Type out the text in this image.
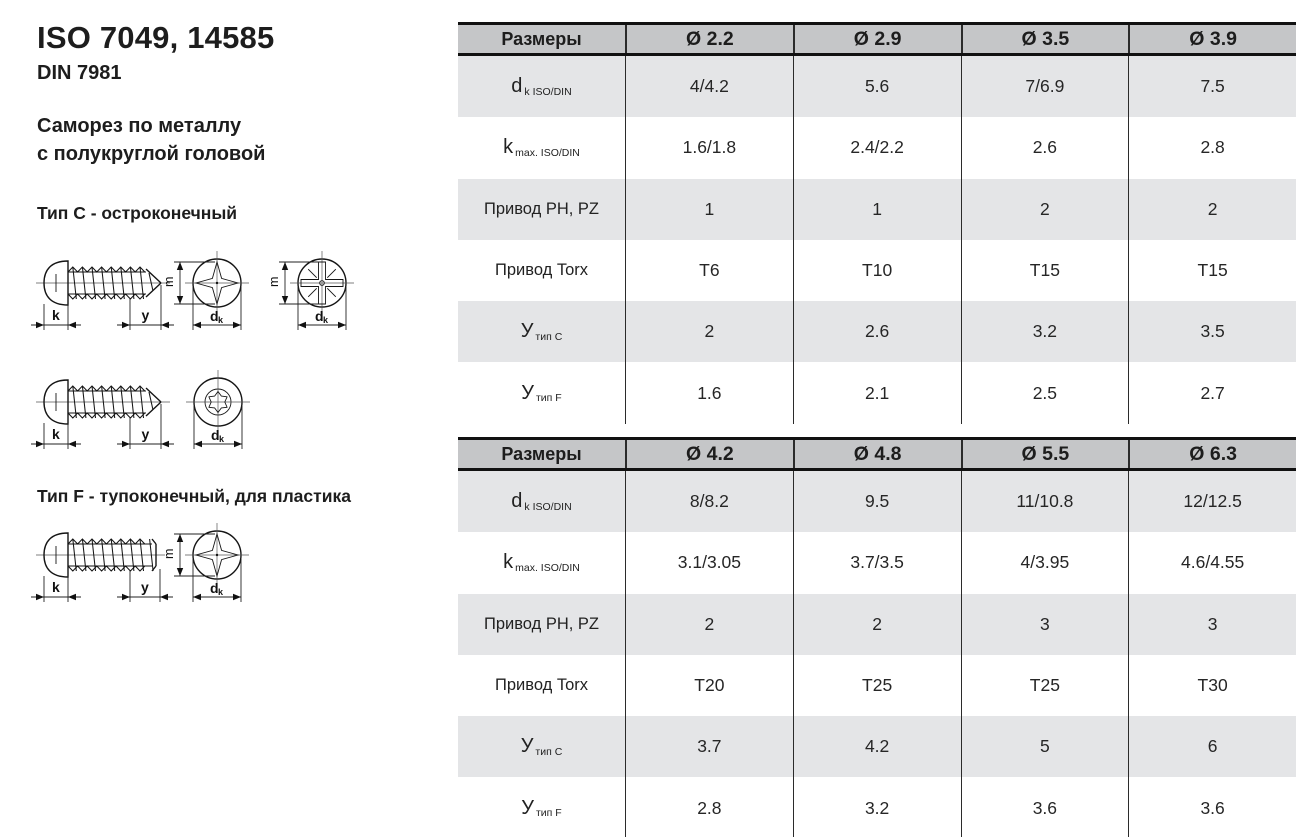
ISO 7049, 14585
DIN 7981
Саморез по металлу
с полукруглой головой
Тип C - остроконечный
Тип F - тупоконечный, для пластика
k	y
m
d k
m
d k
k	y	d k
k	y
m
d k
Размеры	Ø 2.2	Ø 2.9	Ø 3.5	Ø 3.9
d k ISO/DIN	4/4.2	5.6	7/6.9	7.5
k max. ISO/DIN	1.6/1.8	2.4/2.2	2.6	2.8
Привод PH, PZ	1	1	2	2
Привод Torx	T6	T10	T15	T15
У тип C	2	2.6	3.2	3.5
У тип F	1.6	2.1	2.5	2.7
Размеры	Ø 4.2	Ø 4.8	Ø 5.5	Ø 6.3
d k ISO/DIN	8/8.2	9.5	11/10.8	12/12.5
k max. ISO/DIN	3.1/3.05	3.7/3.5	4/3.95	4.6/4.55
Привод PH, PZ	2	2	3	3
Привод Torx	T20	T25	T25	T30
У тип C	3.7	4.2	5	6
У тип F	2.8	3.2	3.6	3.6
